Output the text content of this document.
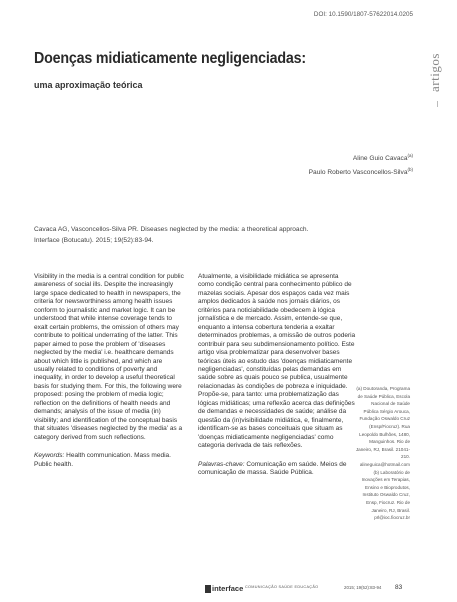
DOI: 10.1590/1807-57622014.0205
artigos
Doenças midiaticamente negligenciadas:
uma aproximação teórica
Aline Guio Cavaca$^{(a)}$
Paulo Roberto Vasconcellos-Silva$^{(b)}$
Cavaca AG, Vasconcellos-Silva PR. Diseases neglected by the media: a theoretical approach. Interface (Botucatu). 2015; 19(52):83-94.

Visibility in the media is a central condition for public awareness of social ills. Despite the increasingly large space dedicated to health in newspapers, the criteria for newsworthiness among health issues conform to journalistic and market logic. It can be understood that while intense coverage tends to exalt certain problems, the omission of others may contribute to political underrating of the latter. This paper aimed to pose the problem of 'diseases neglected by the media' i.e. healthcare demands about which little is published, and which are usually related to conditions of poverty and inequality, in order to develop a useful theoretical basis for studying them. For this, the following were proposed: posing the problem of media logic; reflection on the definitions of health needs and demands; analysis of the issue of media (in) visibility; and identification of the conceptual basis that situates 'diseases neglected by the media' as a category derived from such reflections.

Keywords: Health communication. Mass media. Public health.

Atualmente, a visibilidade midiática se apresenta como condição central para conhecimento público de mazelas sociais. Apesar dos espaços cada vez mais amplos dedicados à saúde nos jornais diários, os critérios para noticiabilidade obedecem à lógica jornalística e de mercado. Assim, entende-se que, enquanto a intensa cobertura tenderia a exaltar determinados problemas, a omissão de outros poderia contribuir para seu subdimensionamento político. Este artigo visa problematizar para desenvolver bases teóricas úteis ao estudo das 'doenças midiaticamente negligenciadas', constituídas pelas demandas em saúde sobre as quais pouco se publica, usualmente relacionadas às condições de pobreza e iniquidade. Propõe-se, para tanto: uma problematização das lógicas midiáticas; uma reflexão acerca das definições de demandas e necessidades de saúde; análise da questão da (in)visibilidade midiática, e, finalmente, identificam-se as bases conceituais que situam as 'doenças midiaticamente negligenciadas' como categoria derivada de tais reflexões.

Palavras-chave: Comunicação em saúde. Meios de comunicação de massa. Saúde Pública.

(a) Doutoranda, Programa de Saúde Pública, Escola Nacional de Saúde Pública Sérgio Arouca, Fundação Oswaldo Cruz (Ensp/Fiocruz). Rua Leopoldo Bulhões, 1480, Manguinhos. Rio de Janeiro, RJ, Brasil. 21041-210. alineguica@hotmail.com

(b) Laboratório de Inovações em Terapias, Ensino e Bioprodutos, Instituto Oswaldo Cruz, Ensp, Fiocruz. Rio de Janeiro, RJ, Brasil. prl@ioc.fiocruz.br

interface COMUNICAÇÃO SAÚDE EDUCAÇÃO	2015; 19(52):83-94 83
